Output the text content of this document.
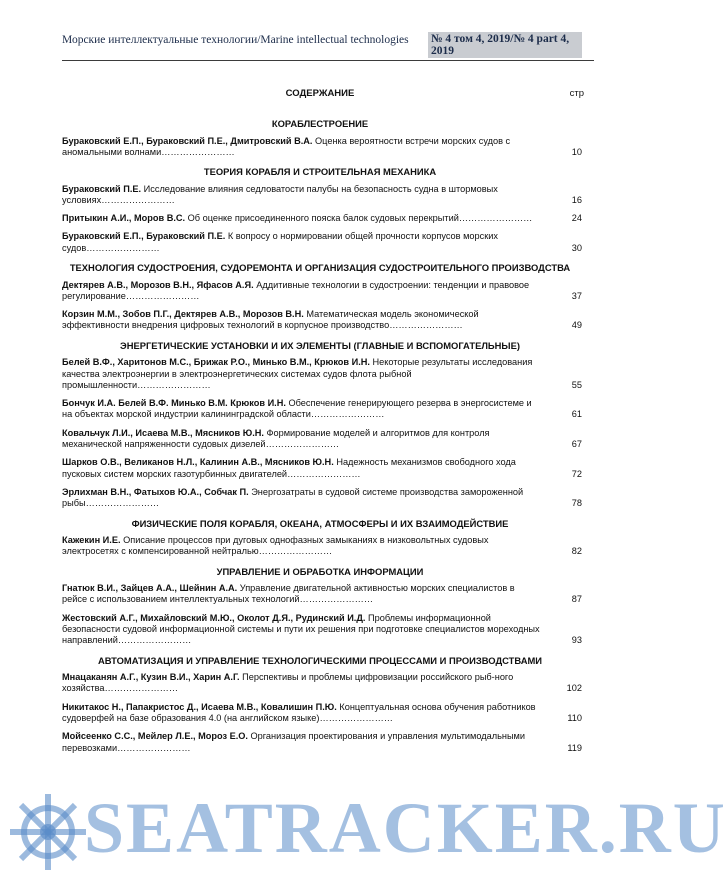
Морские интеллектуальные технологии/Marine intellectual technologies № 4 том 4, 2019/№ 4 part 4, 2019
СОДЕРЖАНИЕ	стр
КОРАБЛЕСТРОЕНИЕ
Бураковский Е.П., Бураковский П.Е., Дмитровский В.А. Оценка вероятности встречи морских судов с аномальными волнами……………………	10
ТЕОРИЯ КОРАБЛЯ И СТРОИТЕЛЬНАЯ МЕХАНИКА
Бураковский П.Е. Исследование влияния седловатости палубы на безопасность судна в штормовых условиях……………………	16
Притыкин А.И., Моров В.С. Об оценке присоединенного пояска балок судовых перекрытий……………………	24
Бураковский Е.П., Бураковский П.Е. К вопросу о нормировании общей прочности корпусов морских судов……………………	30
ТЕХНОЛОГИЯ СУДОСТРОЕНИЯ, СУДОРЕМОНТА И ОРГАНИЗАЦИЯ СУДОСТРОИТЕЛЬНОГО ПРОИЗВОДСТВА
Дектярев А.В., Морозов В.Н., Яфасов А.Я. Аддитивные технологии в судостроении: тенденции и правовое регулирование……………………	37
Корзин М.М., Зобов П.Г., Дектярев А.В., Морозов В.Н. Математическая модель экономической эффективности внедрения цифровых технологий в корпусное производство……………………	49
ЭНЕРГЕТИЧЕСКИЕ УСТАНОВКИ И ИХ ЭЛЕМЕНТЫ (ГЛАВНЫЕ И ВСПОМОГАТЕЛЬНЫЕ)
Белей В.Ф., Харитонов М.С., Брижак Р.О., Минько В.М., Крюков И.Н. Некоторые результаты исследования качества электроэнергии в электроэнергетических системах судов флота рыбной промышленности……………………	55
Бончук И.А. Белей В.Ф. Минько В.М. Крюков И.Н. Обеспечение генерирующего резерва в энергосистеме и на объектах морской индустрии калининградской области……………………	61
Ковальчук Л.И., Исаева М.В., Мясников Ю.Н. Формирование моделей и алгоритмов для контроля механической напряженности судовых дизелей……………………	67
Шарков О.В., Великанов Н.Л., Калинин А.В., Мясников Ю.Н. Надежность механизмов свободного хода пусковых систем морских газотурбинных двигателей……………………	72
Эрлихман В.Н., Фатыхов Ю.А., Собчак П. Энергозатраты в судовой системе производства замороженной рыбы……………………	78
ФИЗИЧЕСКИЕ ПОЛЯ КОРАБЛЯ, ОКЕАНА, АТМОСФЕРЫ И ИХ ВЗАИМОДЕЙСТВИЕ
Кажекин И.Е. Описание процессов при дуговых однофазных замыканиях в низковольтных судовых электросетях с компенсированной нейтралью……………………	82
УПРАВЛЕНИЕ И ОБРАБОТКА ИНФОРМАЦИИ
Гнатюк В.И., Зайцев А.А., Шейнин А.А. Управление двигательной активностью морских специалистов в рейсе с использованием интеллектуальных технологий……………………	87
Жестовский А.Г., Михайловский М.Ю., Околот Д.Я., Рудинский И.Д. Проблемы информационной безопасности судовой информационной системы и пути их решения при подготовке специалистов мореходных направлений……………………	93
АВТОМАТИЗАЦИЯ И УПРАВЛЕНИЕ ТЕХНОЛОГИЧЕСКИМИ ПРОЦЕССАМИ И ПРОИЗВОДСТВАМИ
Мнацаканян А.Г., Кузин В.И., Харин А.Г. Перспективы и проблемы цифровизации российского рыб-ного хозяйства……………………	102
Никитакос Н., Папакристос Д., Исаева М.В., Ковалишин П.Ю. Концептуальная основа обучения работников судоверфей на базе образования 4.0 (на английском языке)……………………	110
Мойсеенко С.С., Мейлер Л.Е., Мороз Е.О. Организация проектирования и управления мультимодальными перевозками……………………	119
SEATRACKER.RU
